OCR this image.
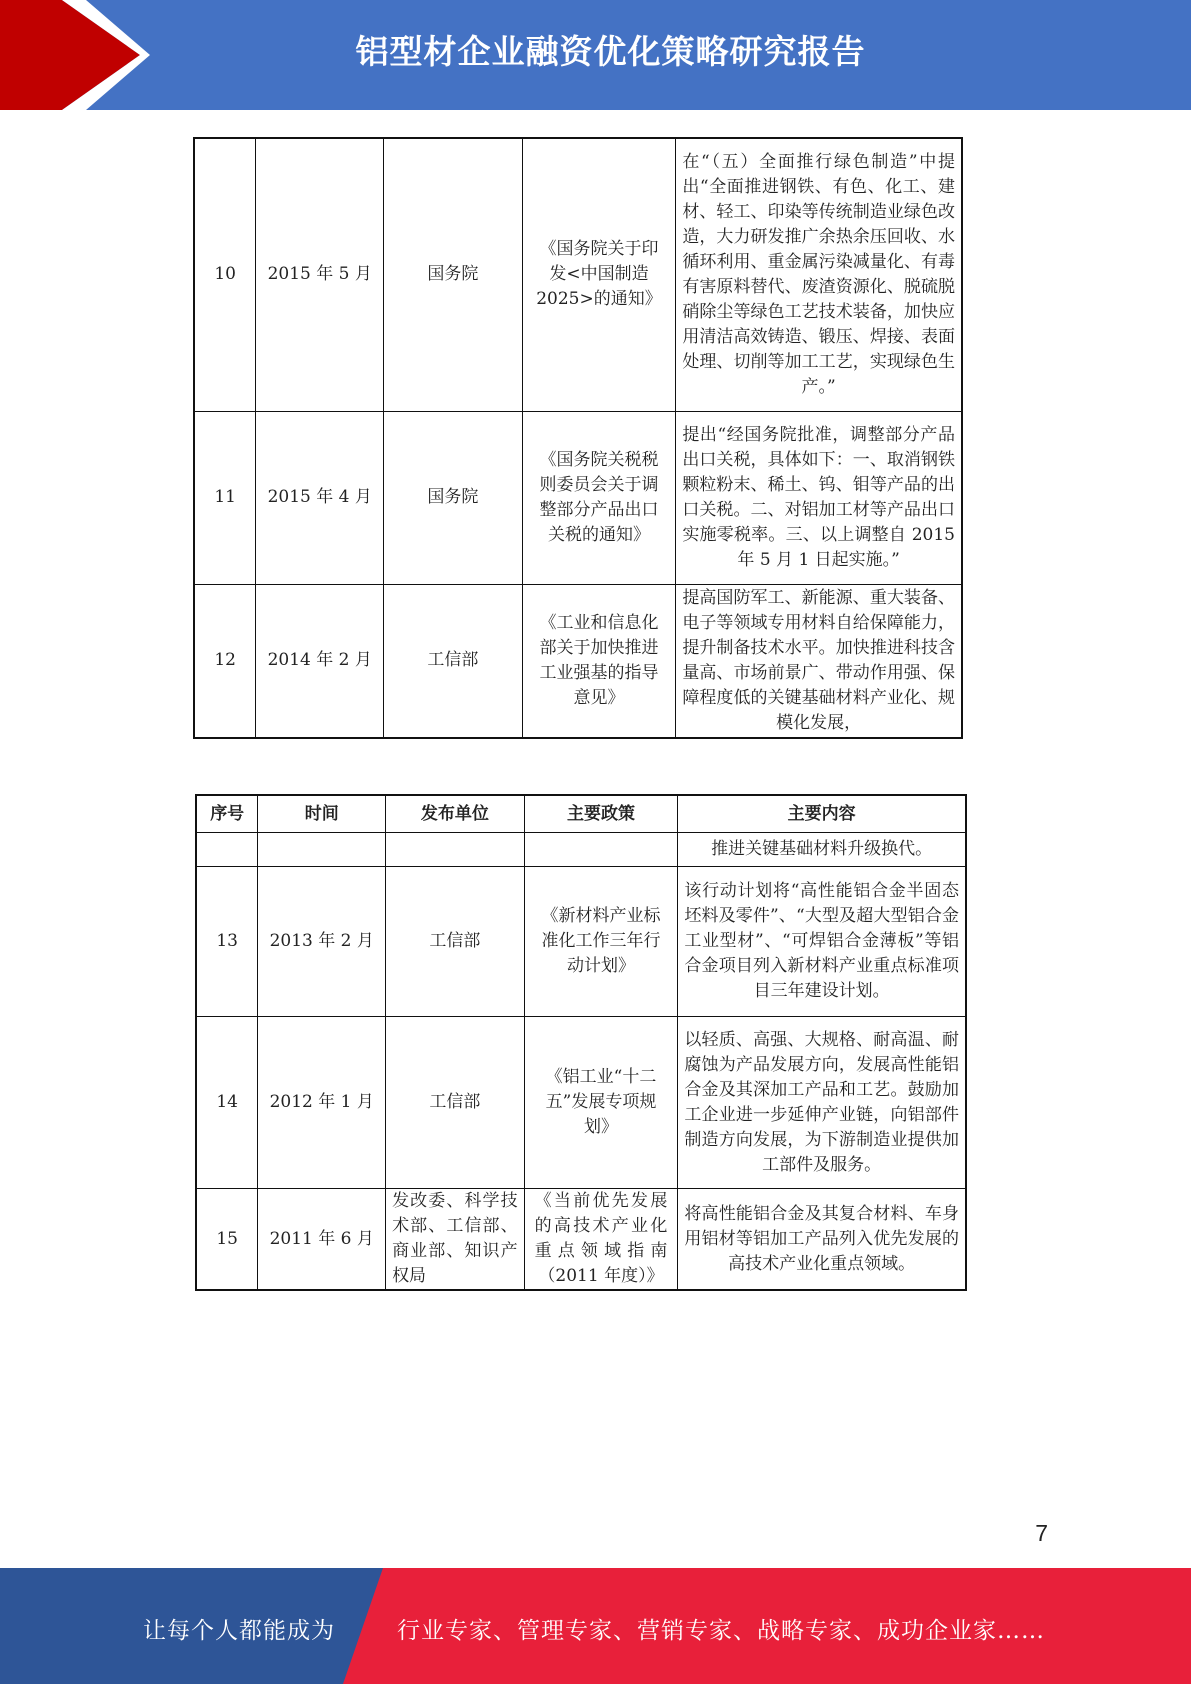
铝型材企业融资优化策略研究报告
10	2015 年 5 月	国务院	《国务院关于印发<中国制造2025>的通知》	在“（五）全面推行绿色制造”中提出“全面推进钢铁、有色、化工、建材、轻工、印染等传统制造业绿色改造，大力研发推广余热余压回收、水循环利用、重金属污染减量化、有毒有害原料替代、废渣资源化、脱硫脱硝除尘等绿色工艺技术装备，加快应用清洁高效铸造、锻压、焊接、表面处理、切削等加工工艺，实现绿色生产。”
11	2015 年 4 月	国务院	《国务院关税税则委员会关于调整部分产品出口关税的通知》	提出“经国务院批准，调整部分产品出口关税，具体如下：一、取消钢铁颗粒粉末、稀土、钨、钼等产品的出口关税。二、对铝加工材等产品出口实施零税率。三、以上调整自 2015 年 5 月 1 日起实施。”
12	2014 年 2 月	工信部	《工业和信息化部关于加快推进工业强基的指导意见》	提高国防军工、新能源、重大装备、电子等领域专用材料自给保障能力，提升制备技术水平。加快推进科技含量高、市场前景广、带动作用强、保障程度低的关键基础材料产业化、规模化发展，
序号	时间	发布单位	主要政策	主要内容
				推进关键基础材料升级换代。
13	2013 年 2 月	工信部	《新材料产业标准化工作三年行动计划》	该行动计划将“高性能铝合金半固态坯料及零件”、“大型及超大型铝合金工业型材”、“可焊铝合金薄板”等铝合金项目列入新材料产业重点标准项目三年建设计划。
14	2012 年 1 月	工信部	《铝工业“十二五”发展专项规划》	以轻质、高强、大规格、耐高温、耐腐蚀为产品发展方向，发展高性能铝合金及其深加工产品和工艺。鼓励加工企业进一步延伸产业链，向铝部件制造方向发展，为下游制造业提供加工部件及服务。
15	2011 年 6 月	发改委、科学技术部、工信部、商业部、知识产权局	《当前优先发展的高技术产业化重点领域指南（2011 年度）》	将高性能铝合金及其复合材料、车身用铝材等铝加工产品列入优先发展的高技术产业化重点领域。
7
让每个人都能成为	行业专家、管理专家、营销专家、战略专家、成功企业家……
